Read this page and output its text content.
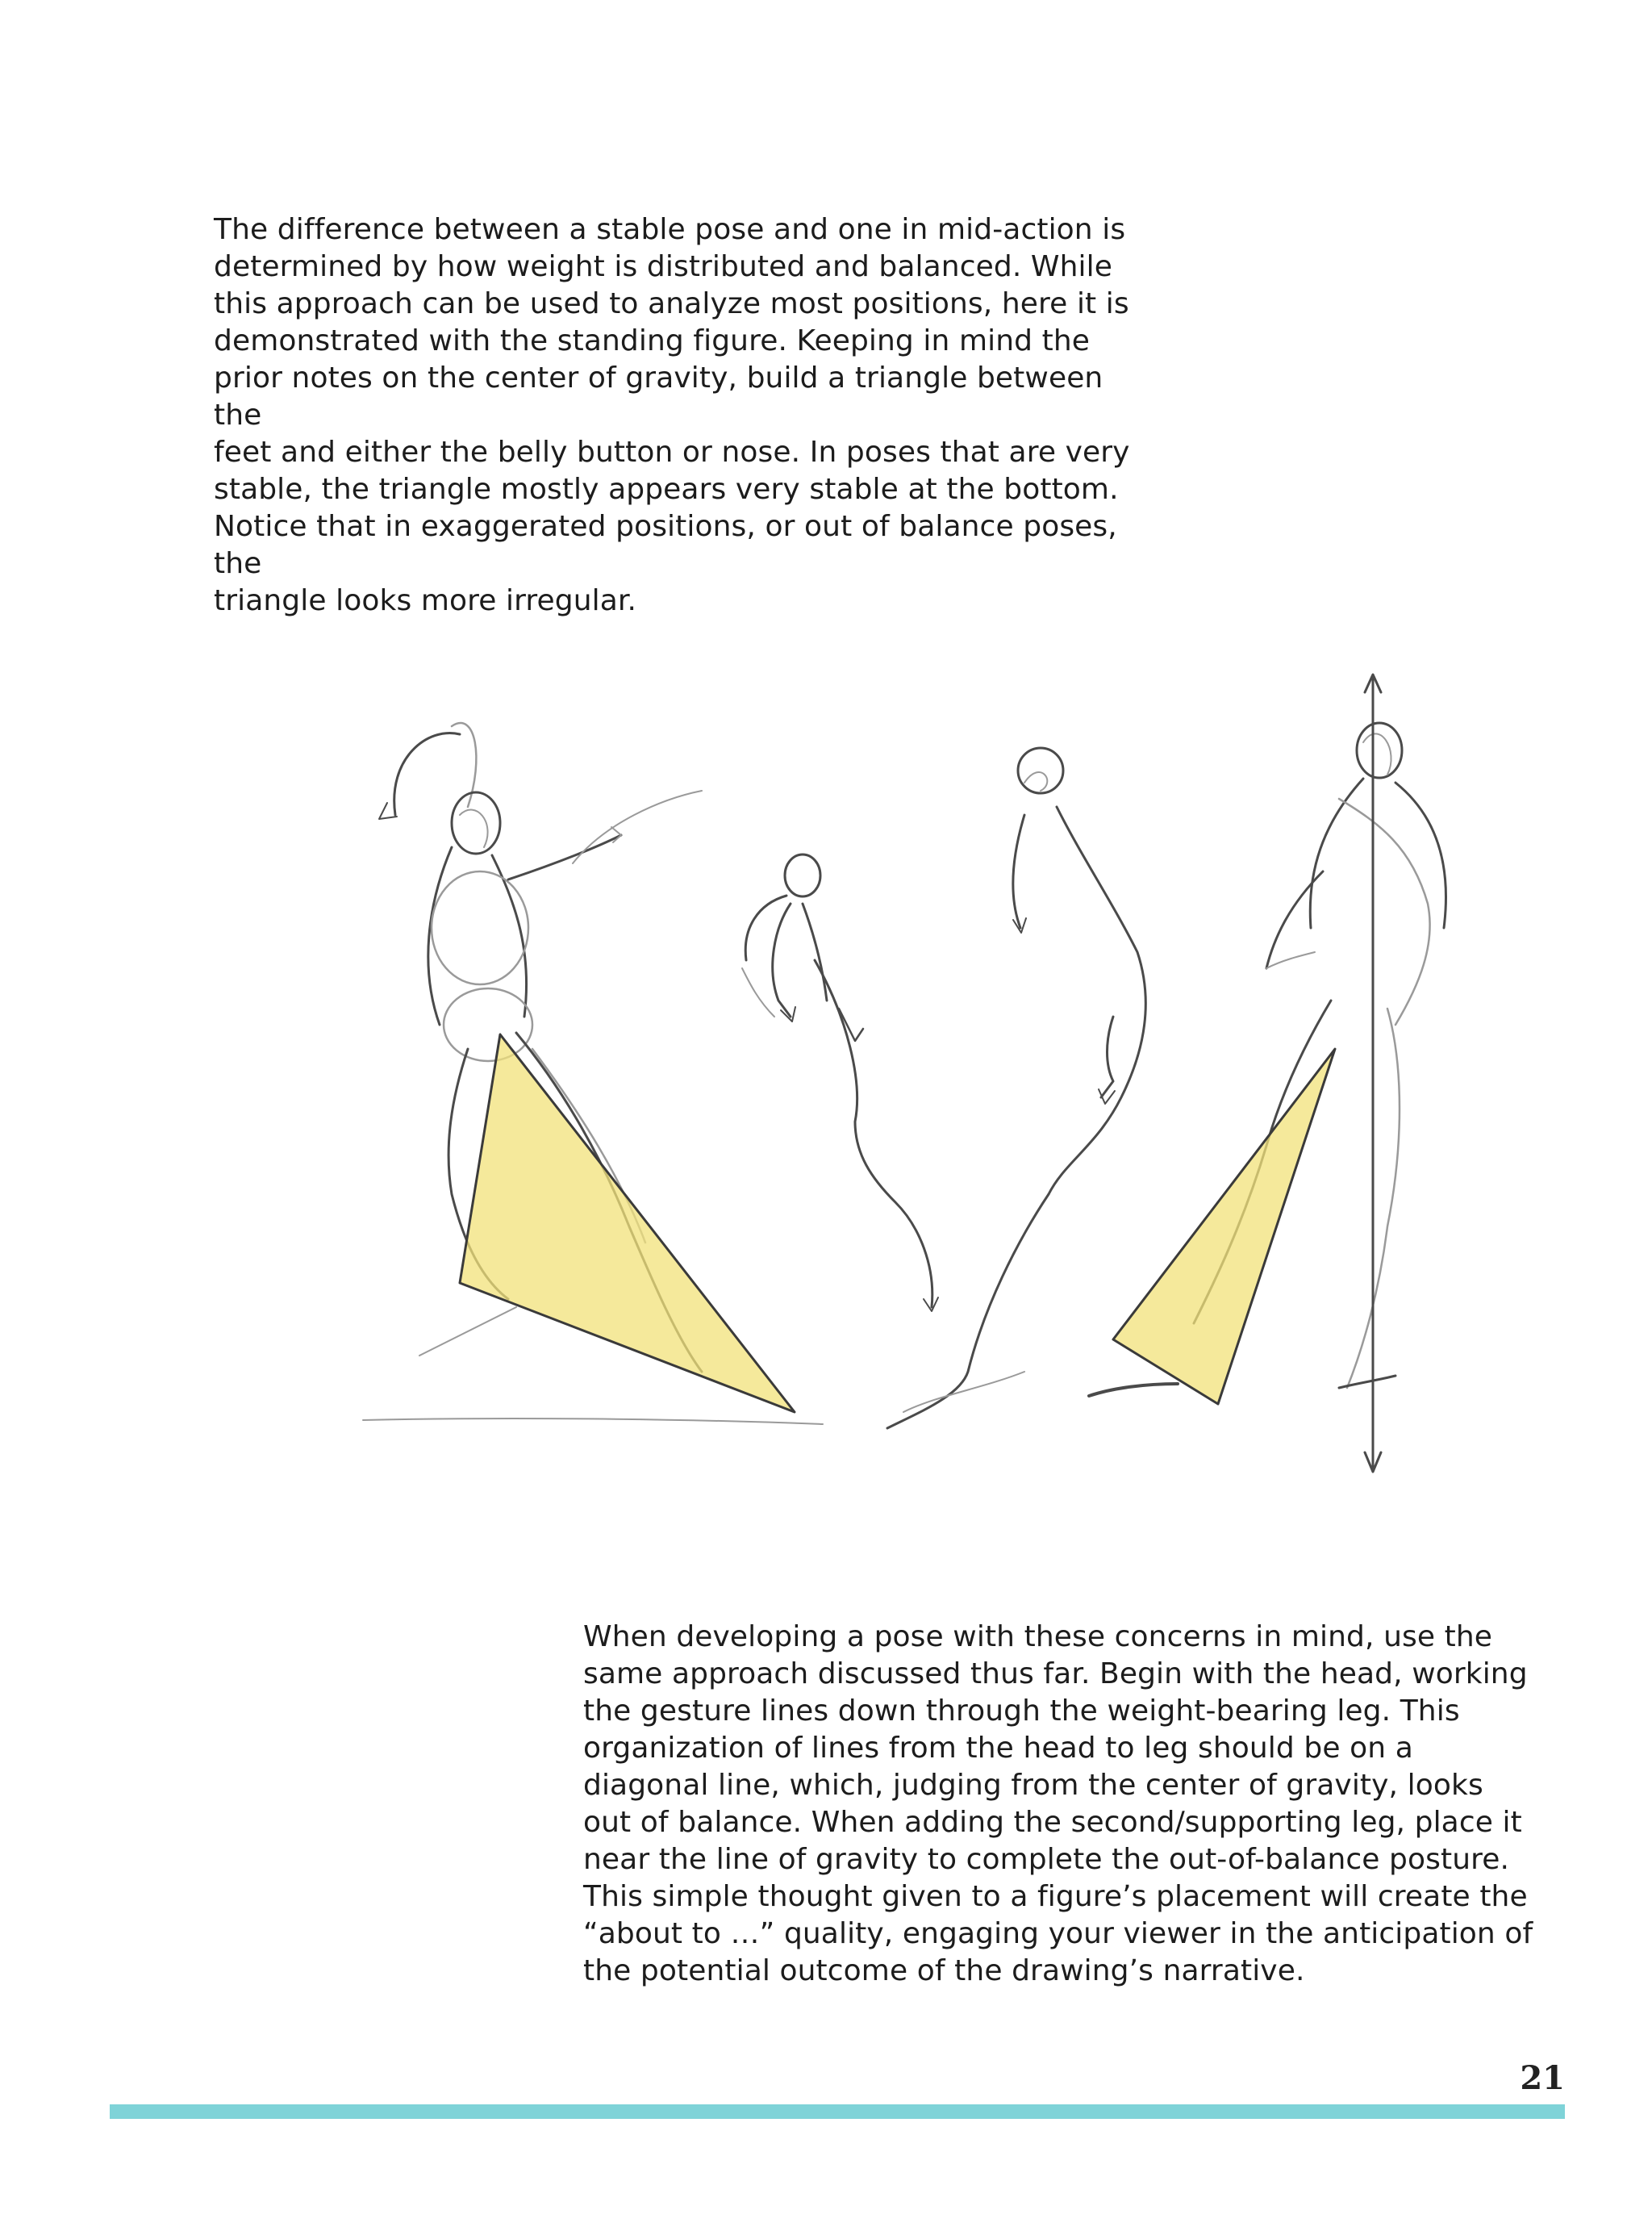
The difference between a stable pose and one in mid-action is
determined by how weight is distributed and balanced. While
this approach can be used to analyze most positions, here it is
demonstrated with the standing figure. Keeping in mind the
prior notes on the center of gravity, build a triangle between the
feet and either the belly button or nose. In poses that are very
stable, the triangle mostly appears very stable at the bottom.
Notice that in exaggerated positions, or out of balance poses, the
triangle looks more irregular.
When developing a pose with these concerns in mind, use the
same approach discussed thus far. Begin with the head, working
the gesture lines down through the weight-bearing leg. This
organization of lines from the head to leg should be on a
diagonal line, which, judging from the center of gravity, looks
out of balance. When adding the second/supporting leg, place it
near the line of gravity to complete the out-of-balance posture.
This simple thought given to a figure’s placement will create the
“about to …” quality, engaging your viewer in the anticipation of
the potential outcome of the drawing’s narrative.
21
